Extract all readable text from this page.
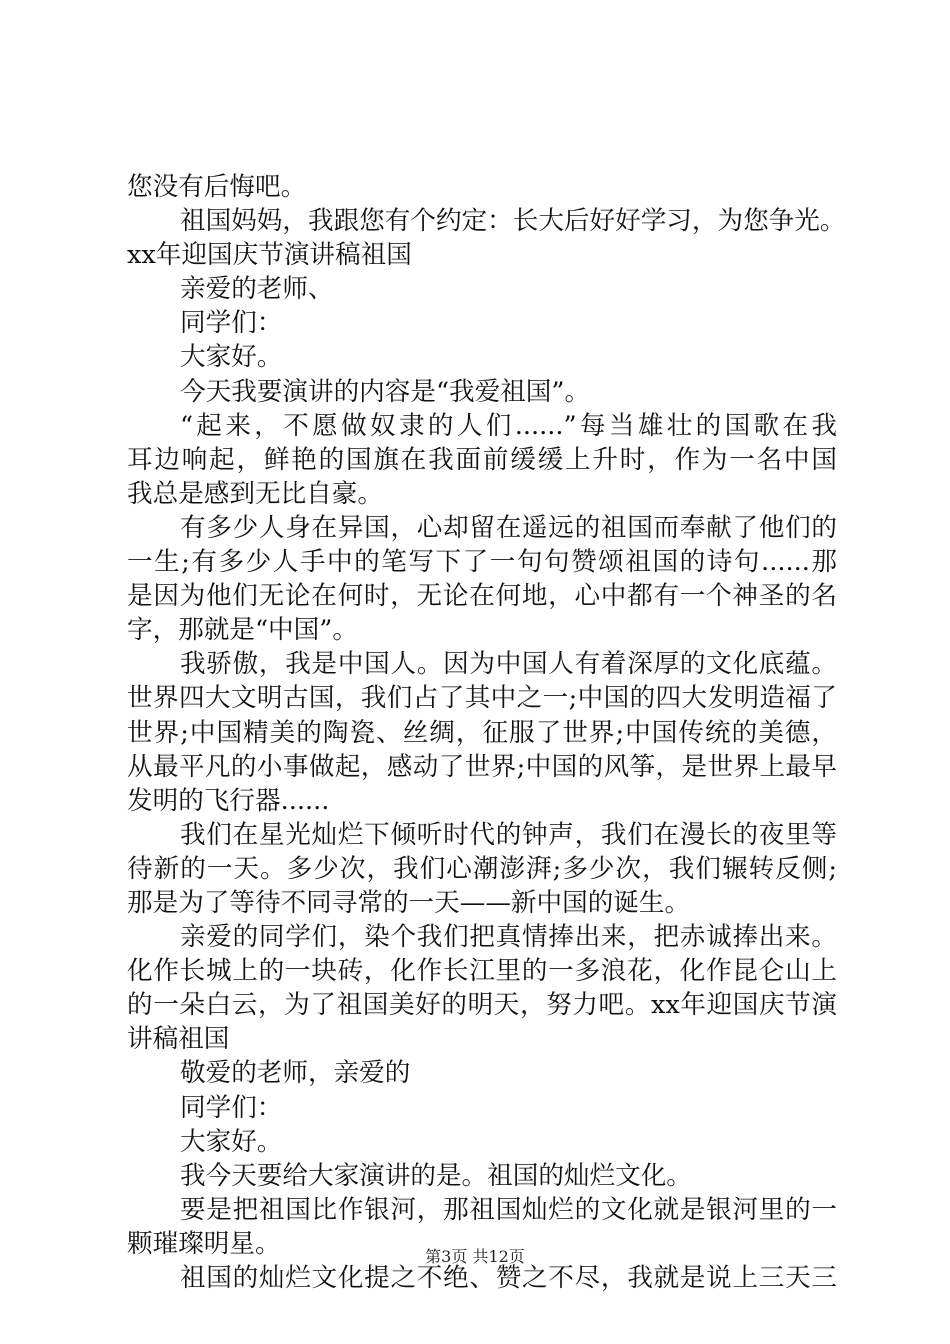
您没有后悔吧。
祖国妈妈，我跟您有个约定：长大后好好学习，为您争光。
xx年迎国庆节演讲稿祖国
亲爱的老师、
同学们：
大家好。
今天我要演讲的内容是“我爱祖国”。
“起来，不愿做奴隶的人们......”每当雄壮的国歌在我
耳边响起，鲜艳的国旗在我面前缓缓上升时，作为一名中国
我总是感到无比自豪。
有多少人身在异国，心却留在遥远的祖国而奉献了他们的
一生;有多少人手中的笔写下了一句句赞颂祖国的诗句......那
是因为他们无论在何时，无论在何地，心中都有一个神圣的名
字，那就是“中国”。
我骄傲，我是中国人。因为中国人有着深厚的文化底蕴。
世界四大文明古国，我们占了其中之一;中国的四大发明造福了
世界;中国精美的陶瓷、丝绸，征服了世界;中国传统的美德，
从最平凡的小事做起，感动了世界;中国的风筝，是世界上最早
发明的飞行器......
我们在星光灿烂下倾听时代的钟声，我们在漫长的夜里等
待新的一天。多少次，我们心潮澎湃;多少次，我们辗转反侧;
那是为了等待不同寻常的一天——新中国的诞生。
亲爱的同学们，染个我们把真情捧出来，把赤诚捧出来。
化作长城上的一块砖，化作长江里的一多浪花，化作昆仑山上
的一朵白云，为了祖国美好的明天，努力吧。xx年迎国庆节演
讲稿祖国
敬爱的老师，亲爱的
同学们：
大家好。
我今天要给大家演讲的是。祖国的灿烂文化。
要是把祖国比作银河，那祖国灿烂的文化就是银河里的一
颗璀璨明星。
祖国的灿烂文化提之不绝、赞之不尽，我就是说上三天三
第3页 共12页
